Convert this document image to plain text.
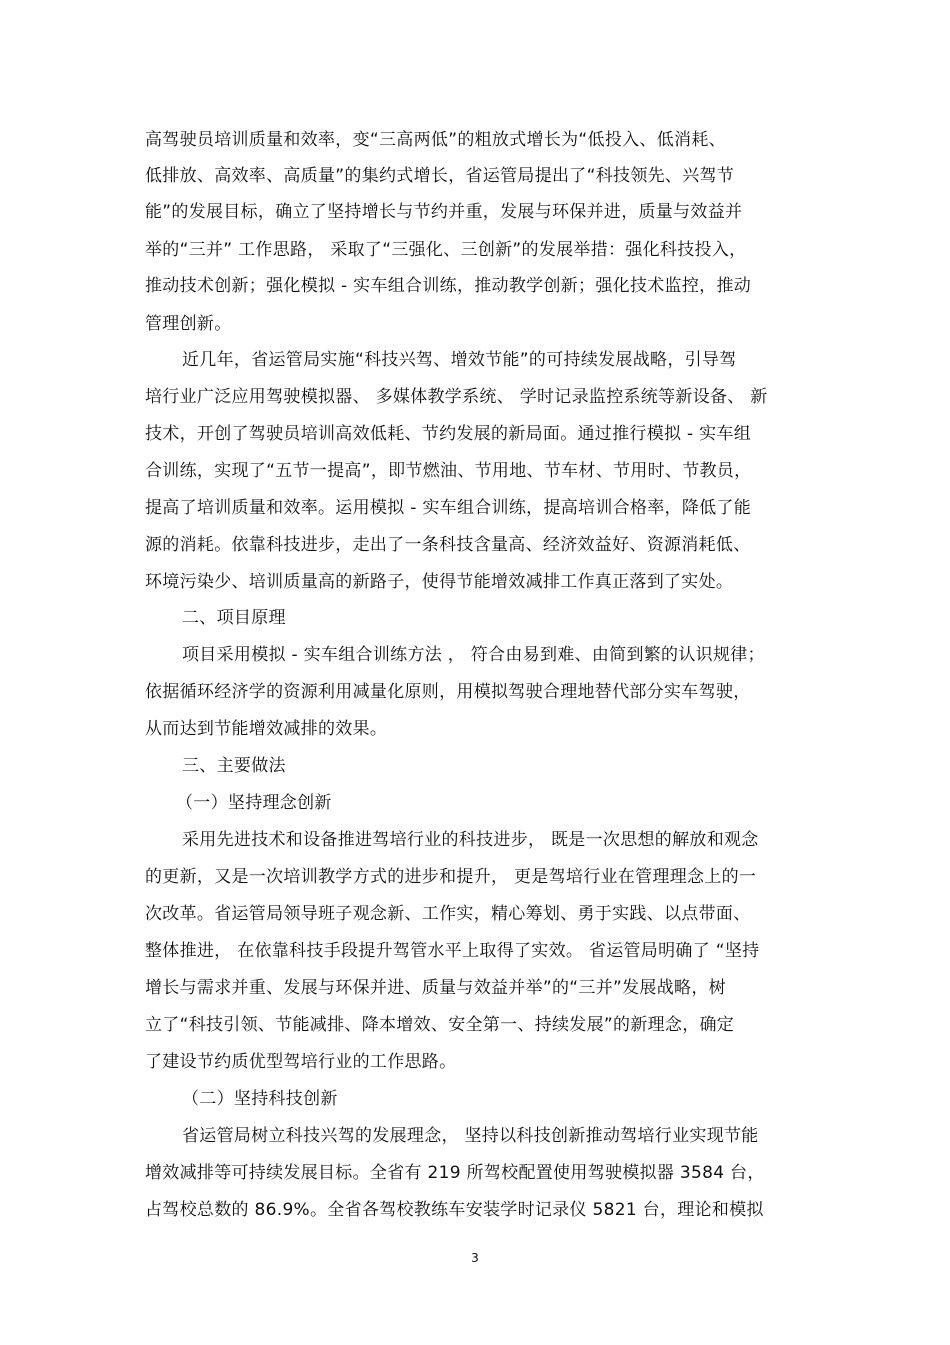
高驾驶员培训质量和效率，变“三高两低”的粗放式增长为“低投入、低消耗、
低排放、高效率、高质量”的集约式增长，省运管局提出了“科技领先、兴驾节
能”的发展目标，确立了坚持增长与节约并重，发展与环保并进，质量与效益并
举的“三并” 工作思路， 采取了“三强化、三创新”的发展举措：强化科技投入，
推动技术创新；强化模拟 - 实车组合训练，推动教学创新；强化技术监控，推动
管理创新。
近几年，省运管局实施“科技兴驾、增效节能”的可持续发展战略，引导驾
培行业广泛应用驾驶模拟器、 多媒体教学系统、 学时记录监控系统等新设备、 新
技术，开创了驾驶员培训高效低耗、节约发展的新局面。通过推行模拟 - 实车组
合训练，实现了“五节一提高”，即节燃油、节用地、节车材、节用时、节教员，
提高了培训质量和效率。运用模拟 - 实车组合训练，提高培训合格率，降低了能
源的消耗。依靠科技进步，走出了一条科技含量高、经济效益好、资源消耗低、
环境污染少、培训质量高的新路子，使得节能增效减排工作真正落到了实处。
二、项目原理
项目采用模拟 - 实车组合训练方法 ， 符合由易到难、由简到繁的认识规律；
依据循环经济学的资源利用减量化原则，用模拟驾驶合理地替代部分实车驾驶，
从而达到节能增效减排的效果。
三、主要做法
（一）坚持理念创新
采用先进技术和设备推进驾培行业的科技进步， 既是一次思想的解放和观念
的更新，又是一次培训教学方式的进步和提升， 更是驾培行业在管理理念上的一
次改革。省运管局领导班子观念新、工作实，精心筹划、勇于实践、以点带面、
整体推进， 在依靠科技手段提升驾管水平上取得了实效。 省运管局明确了 “坚持
增长与需求并重、发展与环保并进、质量与效益并举”的“三并”发展战略，树
立了“科技引领、节能减排、降本增效、安全第一、持续发展”的新理念，确定
了建设节约质优型驾培行业的工作思路。
（二）坚持科技创新
省运管局树立科技兴驾的发展理念， 坚持以科技创新推动驾培行业实现节能
增效减排等可持续发展目标。全省有 219 所驾校配置使用驾驶模拟器 3584 台，
占驾校总数的 86.9%。全省各驾校教练车安装学时记录仪 5821 台，理论和模拟
3
